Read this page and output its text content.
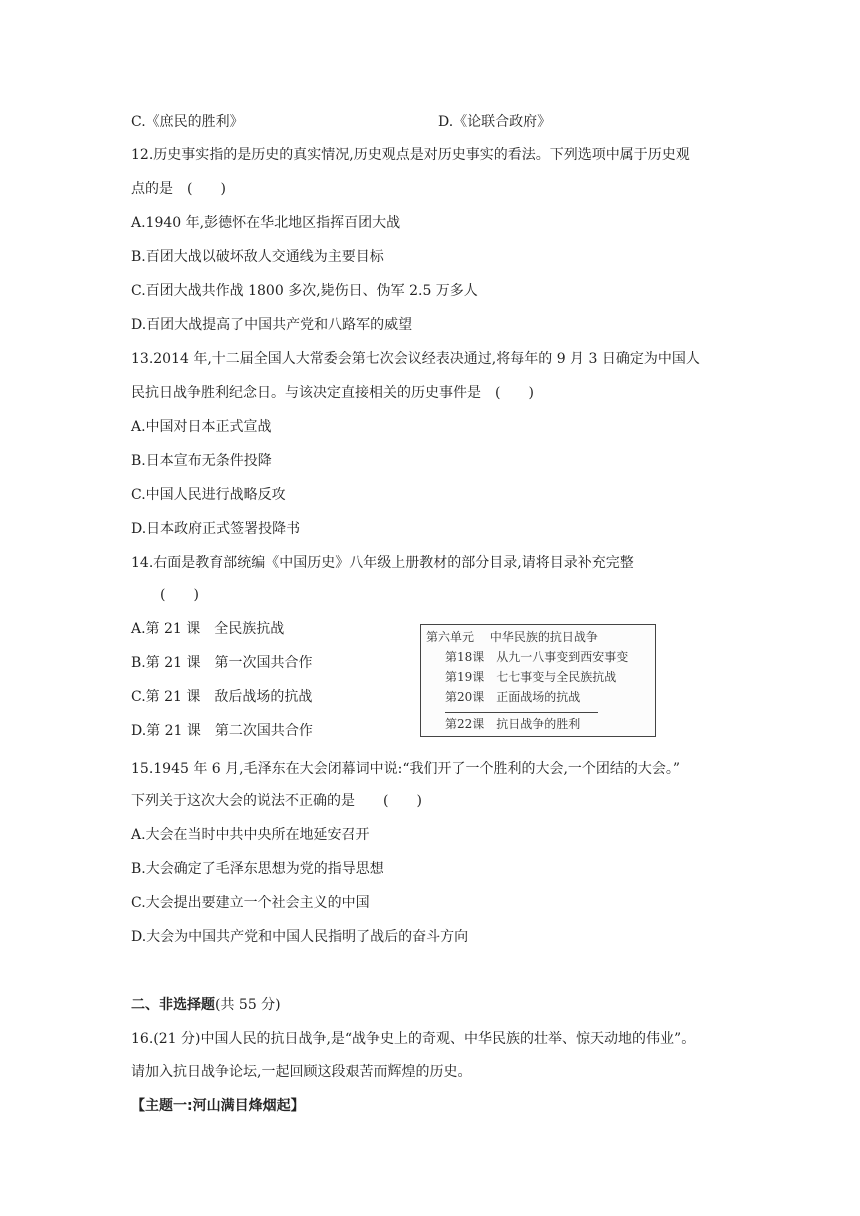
C.《庶民的胜利》	D.《论联合政府》
12.历史事实指的是历史的真实情况,历史观点是对历史事实的看法。下列选项中属于历史观
点的是　(　　)
A.1940 年,彭德怀在华北地区指挥百团大战
B.百团大战以破坏敌人交通线为主要目标
C.百团大战共作战 1800 多次,毙伤日、伪军 2.5 万多人
D.百团大战提高了中国共产党和八路军的威望
13.2014 年,十二届全国人大常委会第七次会议经表决通过,将每年的 9 月 3 日确定为中国人
民抗日战争胜利纪念日。与该决定直接相关的历史事件是　(　　)
A.中国对日本正式宣战
B.日本宣布无条件投降
C.中国人民进行战略反攻
D.日本政府正式签署投降书
14.右面是教育部统编《中国历史》八年级上册教材的部分目录,请将目录补充完整
(　　)
A.第 21 课　全民族抗战
B.第 21 课　第一次国共合作
C.第 21 课　敌后战场的抗战
D.第 21 课　第二次国共合作
第六单元　 中华民族的抗日战争
第18课　从九一八事变到西安事变
第19课　七七事变与全民族抗战
第20课　正面战场的抗战
第22课　抗日战争的胜利
15.1945 年 6 月,毛泽东在大会闭幕词中说:“我们开了一个胜利的大会,一个团结的大会。”
下列关于这次大会的说法不正确的是　　(　　)
A.大会在当时中共中央所在地延安召开
B.大会确定了毛泽东思想为党的指导思想
C.大会提出要建立一个社会主义的中国
D.大会为中国共产党和中国人民指明了战后的奋斗方向
二、非选择题(共 55 分)
16.(21 分)中国人民的抗日战争,是“战争史上的奇观、中华民族的壮举、惊天动地的伟业”。
请加入抗日战争论坛,一起回顾这段艰苦而辉煌的历史。
【主题一:河山满目烽烟起】
